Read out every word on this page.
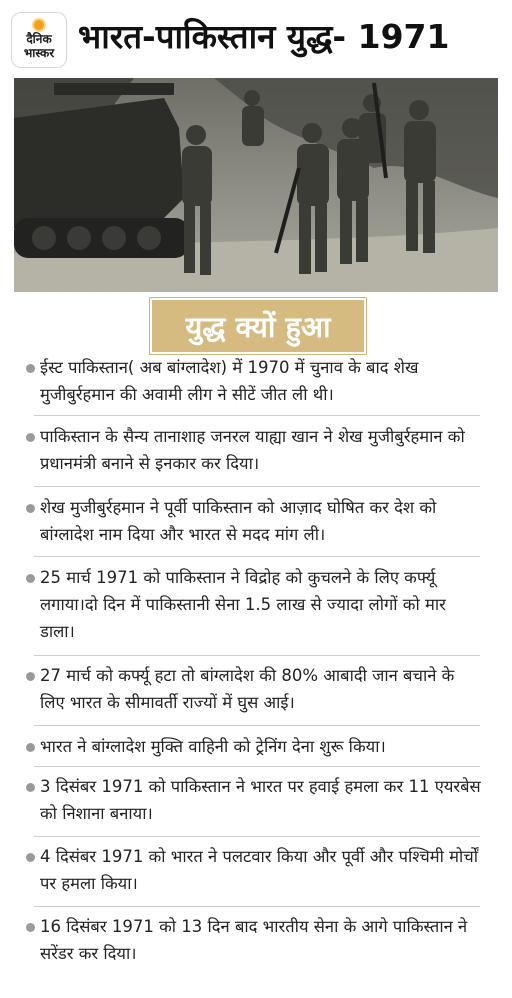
दैनिक
भास्कर भारत-पाकिस्तान युद्ध- 1971
युद्ध क्यों हुआ
ईस्ट पाकिस्तान( अब बांग्लादेश) में 1970 में चुनाव के बाद शेख मुजीबुर्रहमान की अवामी लीग ने सीटें जीत ली थी।
पाकिस्तान के सैन्य तानाशाह जनरल याह्या खान ने शेख मुजीबुर्रहमान को प्रधानमंत्री बनाने से इनकार कर दिया।
शेख मुजीबुर्रहमान ने पूर्वी पाकिस्तान को आज़ाद घोषित कर देश को बांग्लादेश नाम दिया और भारत से मदद मांग ली।
25 मार्च 1971 को पाकिस्तान ने विद्रोह को कुचलने के लिए कर्फ्यू लगाया।दो दिन में पाकिस्तानी सेना 1.5 लाख से ज्यादा लोगों को मार डाला।
27 मार्च को कर्फ्यू हटा तो बांग्लादेश की 80% आबादी जान बचाने के लिए भारत के सीमावर्ती राज्यों में घुस आई।
भारत ने बांग्लादेश मुक्ति वाहिनी को ट्रेनिंग देना शुरू किया।
3 दिसंबर 1971 को पाकिस्तान ने भारत पर हवाई हमला कर 11 एयरबेस को निशाना बनाया।
4 दिसंबर 1971 को भारत ने पलटवार किया और पूर्वी और पश्चिमी मोर्चों पर हमला किया।
16 दिसंबर 1971 को 13 दिन बाद भारतीय सेना के आगे पाकिस्तान ने सरेंडर कर दिया।
